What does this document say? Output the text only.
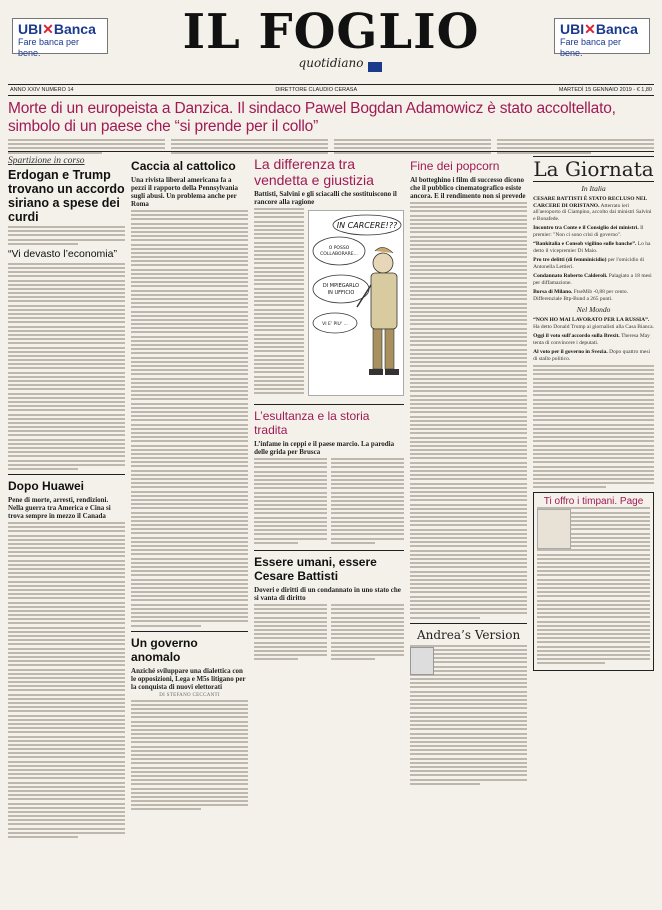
UBI✕Banca
Fare banca per bene.	IL FOGLIO
quotidiano
UBI✕Banca
Fare banca per bene.
ANNO XXIV NUMERO 14	DIRETTORE CLAUDIO CERASA	MARTEDÌ 15 GENNAIO 2019 - € 1,80
Morte di un europeista a Danzica. Il sindaco Pawel Bogdan Adamowicz è stato accoltellato, simbolo di un paese che “si prende per il collo”
Spartizione in corso
Erdogan e Trump trovano un accordo siriano a spese dei curdi
“Vi devasto l’economia”
Dopo Huawei
Pene di morte, arresti, rendizioni. Nella guerra tra America e Cina si trova sempre in mezzo il Canada
Caccia al cattolico
Una rivista liberal americana fa a pezzi il rapporto della Pennsylvania sugli abusi. Un problema anche per Roma
Un governo anomalo
Anziché sviluppare una dialettica con le opposizioni, Lega e M5s litigano per la conquista di nuovi elettorati
DI STEFANO CECCANTI
La differenza tra vendetta e giustizia
Battisti, Salvini e gli sciacalli che sostituiscono il rancore alla ragione
IN CARCERE!??
O POSSO
COLLABORARE...
DI MPIEGARLO
IN UFFICIO
VI E' PIU' ...
L’esultanza e la storia tradita
L’infame in ceppi e il paese marcio. La parodia delle grida per Brusca
Essere umani, essere Cesare Battisti
Doveri e diritti di un condannato in uno stato che si vanta di diritto
Fine dei popcorn
Al botteghino i film di successo dicono che il pubblico cinematografico esiste ancora. E il rendimento non si prevede
Andrea’s Version
La Giornata
In Italia
CESARE BATTISTI È STATO RECLUSO NEL CARCERE DI ORISTANO. Atterrato ieri all'aeroporto di Ciampino, accolto dai ministri Salvini e Bonafede.
Incontro tra Conte e il Consiglio dei ministri. Il premier: "Non ci sono crisi di governo".
“Bankitalia e Consob vigilino sulle banche”. Lo ha detto il vicepremier Di Maio.
Pro tre delitti (di femminicidio) per l'omicidio di Antonella Lettieri.
Condannato Roberto Calderoli. Palagiato a 18 mesi per diffamazione.
Borsa di Milano. FtseMib -0,88 per cento. Differenziale Btp-Bund a 265 punti.
Nel Mondo
“NON HO MAI LAVORATO PER LA RUSSIA”. Ha detto Donald Trump ai giornalisti alla Casa Bianca.
Oggi il voto sull'accordo sulla Brexit. Theresa May tenta di convincere i deputati.
Al voto per il governo in Svezia. Dopo quattro mesi di stallo politico.
Ti offro i timpani. Page
